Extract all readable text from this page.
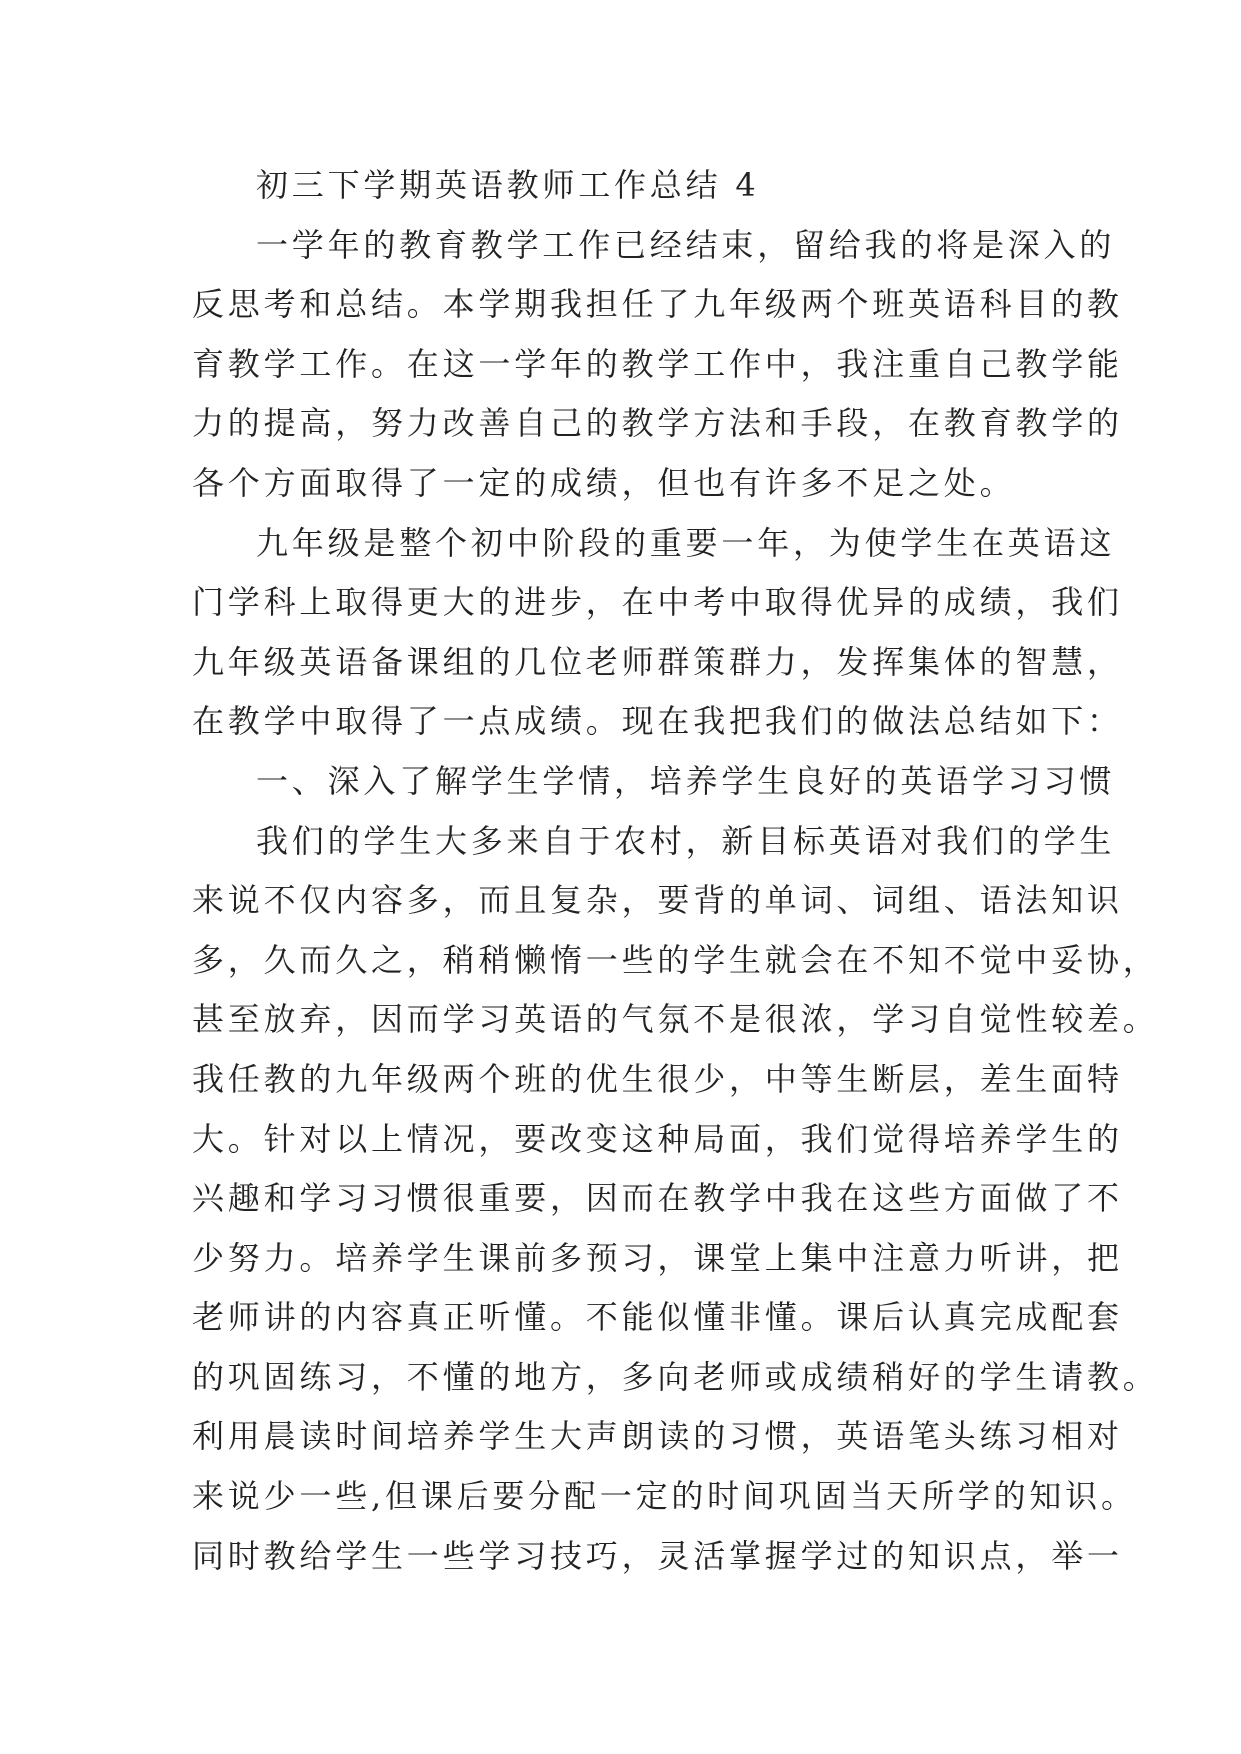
初三下学期英语教师工作总结 4
一学年的教育教学工作已经结束，留给我的将是深入的
反思考和总结。本学期我担任了九年级两个班英语科目的教
育教学工作。在这一学年的教学工作中，我注重自己教学能
力的提高，努力改善自己的教学方法和手段，在教育教学的
各个方面取得了一定的成绩，但也有许多不足之处。
九年级是整个初中阶段的重要一年，为使学生在英语这
门学科上取得更大的进步，在中考中取得优异的成绩，我们
九年级英语备课组的几位老师群策群力，发挥集体的智慧，
在教学中取得了一点成绩。现在我把我们的做法总结如下：
一、深入了解学生学情，培养学生良好的英语学习习惯
我们的学生大多来自于农村，新目标英语对我们的学生
来说不仅内容多，而且复杂，要背的单词、词组、语法知识
多，久而久之，稍稍懒惰一些的学生就会在不知不觉中妥协，
甚至放弃，因而学习英语的气氛不是很浓，学习自觉性较差。
我任教的九年级两个班的优生很少，中等生断层，差生面特
大。针对以上情况，要改变这种局面，我们觉得培养学生的
兴趣和学习习惯很重要，因而在教学中我在这些方面做了不
少努力。培养学生课前多预习，课堂上集中注意力听讲，把
老师讲的内容真正听懂。不能似懂非懂。课后认真完成配套
的巩固练习，不懂的地方，多向老师或成绩稍好的学生请教。
利用晨读时间培养学生大声朗读的习惯，英语笔头练习相对
来说少一些,但课后要分配一定的时间巩固当天所学的知识。
同时教给学生一些学习技巧，灵活掌握学过的知识点，举一
